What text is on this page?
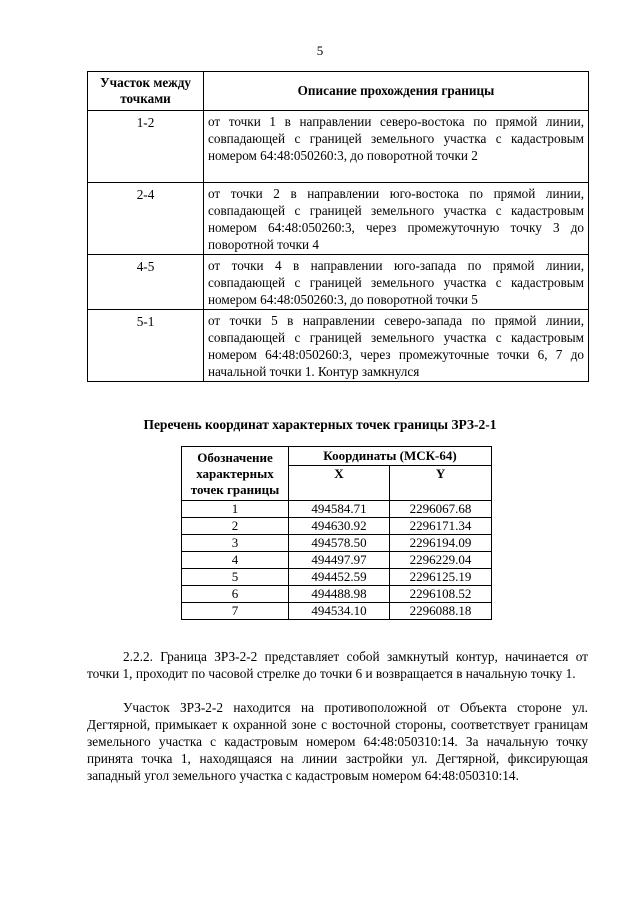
5
Участок между точками	Описание прохождения границы
1-2	от точки 1 в направлении северо-востока по прямой линии, совпадающей с границей земельного участка с кадастровым номером 64:48:050260:3, до поворотной точки 2
2-4	от точки 2 в направлении юго-востока по прямой линии, совпадающей с границей земельного участка с кадастровым номером 64:48:050260:3, через промежуточную точку 3 до поворотной точки 4
4-5	от точки 4 в направлении юго-запада по прямой линии, совпадающей с границей земельного участка с кадастровым номером 64:48:050260:3, до поворотной точки 5
5-1	от точки 5 в направлении северо-запада по прямой линии, совпадающей с границей земельного участка с кадастровым номером 64:48:050260:3, через промежуточные точки 6, 7 до начальной точки 1. Контур замкнулся
Перечень координат характерных точек границы ЗРЗ-2-1
Обозначение характерных точек границы	Координаты (МСК-64)	
	X	Y
1	494584.71	2296067.68
2	494630.92	2296171.34
3	494578.50	2296194.09
4	494497.97	2296229.04
5	494452.59	2296125.19
6	494488.98	2296108.52
7	494534.10	2296088.18

2.2.2. Граница ЗРЗ-2-2 представляет собой замкнутый контур, начинается от точки 1, проходит по часовой стрелке до точки 6 и возвращается в начальную точку 1.

Участок ЗРЗ-2-2 находится на противоположной от Объекта стороне ул. Дегтярной, примыкает к охранной зоне с восточной стороны, соответствует границам земельного участка с кадастровым номером 64:48:050310:14. За начальную точку принята точка 1, находящаяся на линии застройки ул. Дегтярной, фиксирующая западный угол земельного участка с кадастровым номером 64:48:050310:14.
